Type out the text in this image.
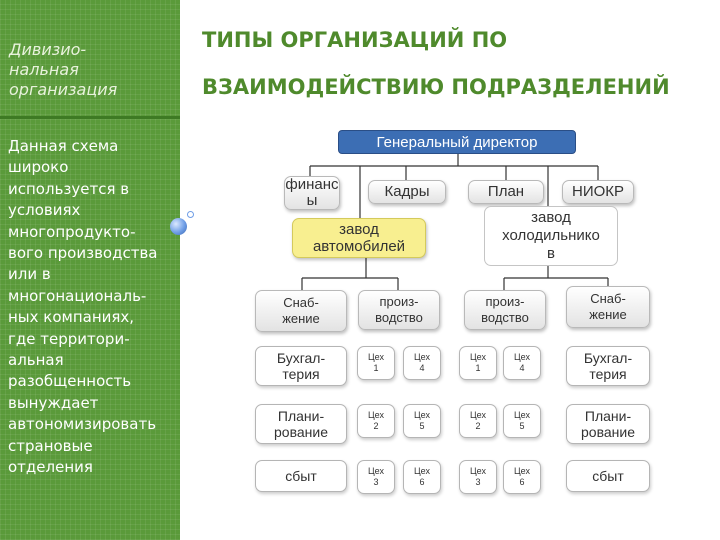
Дивизио-
нальная
организация
Данная схема
широко
используется в
условиях
многопродукто-
вого производства
или в
многонациональ-
ных компаниях,
где территори-
альная
разобщенность
вынуждает
автономизировать
страновые
отделения
ТИПЫ ОРГАНИЗАЦИЙ ПО
ВЗАИМОДЕЙСТВИЮ ПОДРАЗДЕЛЕНИЙ
Генеральный директор
финанс
ы
Кадры	План	НИОКР
завод
автомобилей
завод
холодильнико
в
Снаб-
жение
произ-
водство
произ-
водство
Снаб-
жение
Бухгал-
терия
Плани-
рование
сбыт
Бухгал-
терия
Плани-
рование
сбыт
Цех
1
Цех
2
Цех
3
Цех
4
Цех
5
Цех
6
Цех
1
Цех
2
Цех
3
Цех
4
Цех
5
Цех
6
